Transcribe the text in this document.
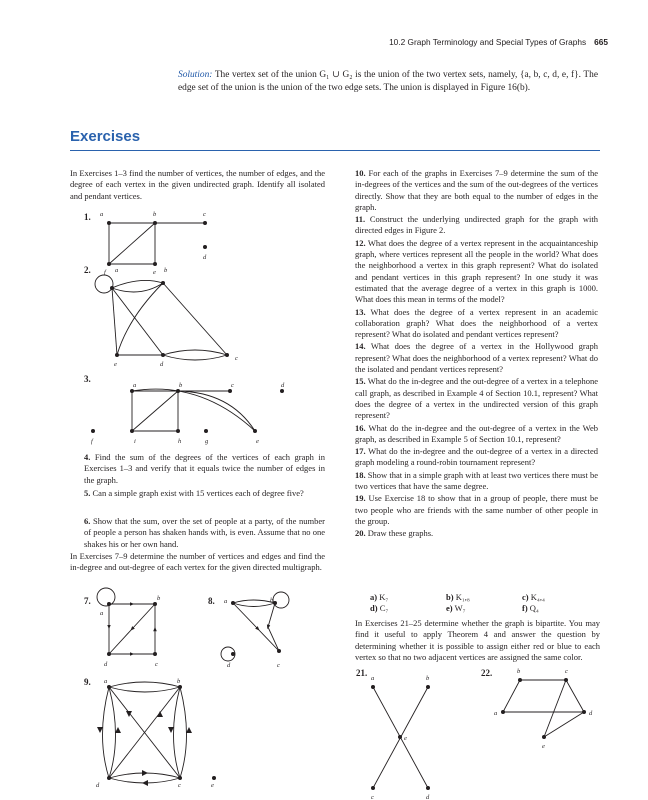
10.2 Graph Terminology and Special Types of Graphs 665
Solution: The vertex set of the union G₁ ∪ G₂ is the union of the two vertex sets, namely, {a, b, c, d, e, f}. The edge set of the union is the union of the two edge sets. The union is displayed in Figure 16(b).
Exercises
In Exercises 1–3 find the number of vertices, the number of edges, and the degree of each vertex in the given undirected graph. Identify all isolated and pendant vertices.
1.
2.
3.
4. Find the sum of the degrees of the vertices of each graph in Exercises 1–3 and verify that it equals twice the number of edges in the graph.
5. Can a simple graph exist with 15 vertices each of degree five?
6. Show that the sum, over the set of people at a party, of the number of people a person has shaken hands with, is even. Assume that no one shakes his or her own hand.
In Exercises 7–9 determine the number of vertices and edges and find the in-degree and out-degree of each vertex for the given directed multigraph.
7.	8.
9.
10. For each of the graphs in Exercises 7–9 determine the sum of the in-degrees of the vertices and the sum of the out-degrees of the vertices directly. Show that they are both equal to the number of edges in the graph.
11. Construct the underlying undirected graph for the graph with directed edges in Figure 2.
12. What does the degree of a vertex represent in the acquaintanceship graph, where vertices represent all the people in the world? What does the neighborhood a vertex in this graph represent? What do isolated and pendant vertices in this graph represent? In one study it was estimated that the average degree of a vertex in this graph is 1000. What does this mean in terms of the model?
13. What does the degree of a vertex represent in an academic collaboration graph? What does the neighborhood of a vertex represent? What do isolated and pendant vertices represent?
14. What does the degree of a vertex in the Hollywood graph represent? What does the neighborhood of a vertex represent? What do the isolated and pendant vertices represent?
15. What do the in-degree and the out-degree of a vertex in a telephone call graph, as described in Example 4 of Section 10.1, represent? What does the degree of a vertex in the undirected version of this graph represent?
16. What do the in-degree and the out-degree of a vertex in the Web graph, as described in Example 5 of Section 10.1, represent?
17. What do the in-degree and the out-degree of a vertex in a directed graph modeling a round-robin tournament represent?
18. Show that in a simple graph with at least two vertices there must be two vertices that have the same degree.
19. Use Exercise 18 to show that in a group of people, there must be two people who are friends with the same number of other people in the group.
20. Draw these graphs.
a) K₇	b) K₁,₈	c) K₄,₄
d) C₇	e) W₇	f) Q₄
In Exercises 21–25 determine whether the graph is bipartite. You may find it useful to apply Theorem 4 and answer the question by determining whether it is possible to assign either red or blue to each vertex so that no two adjacent vertices are assigned the same color.
21.	22.
a	b	c
f	e
d
a	b
e	d
c
a	b	c	d
f	i	h	g	e
a
b
d	c
a	b
d	c
a	b
d	c	e
a	b
e
c	d
b	c
a	d
e
